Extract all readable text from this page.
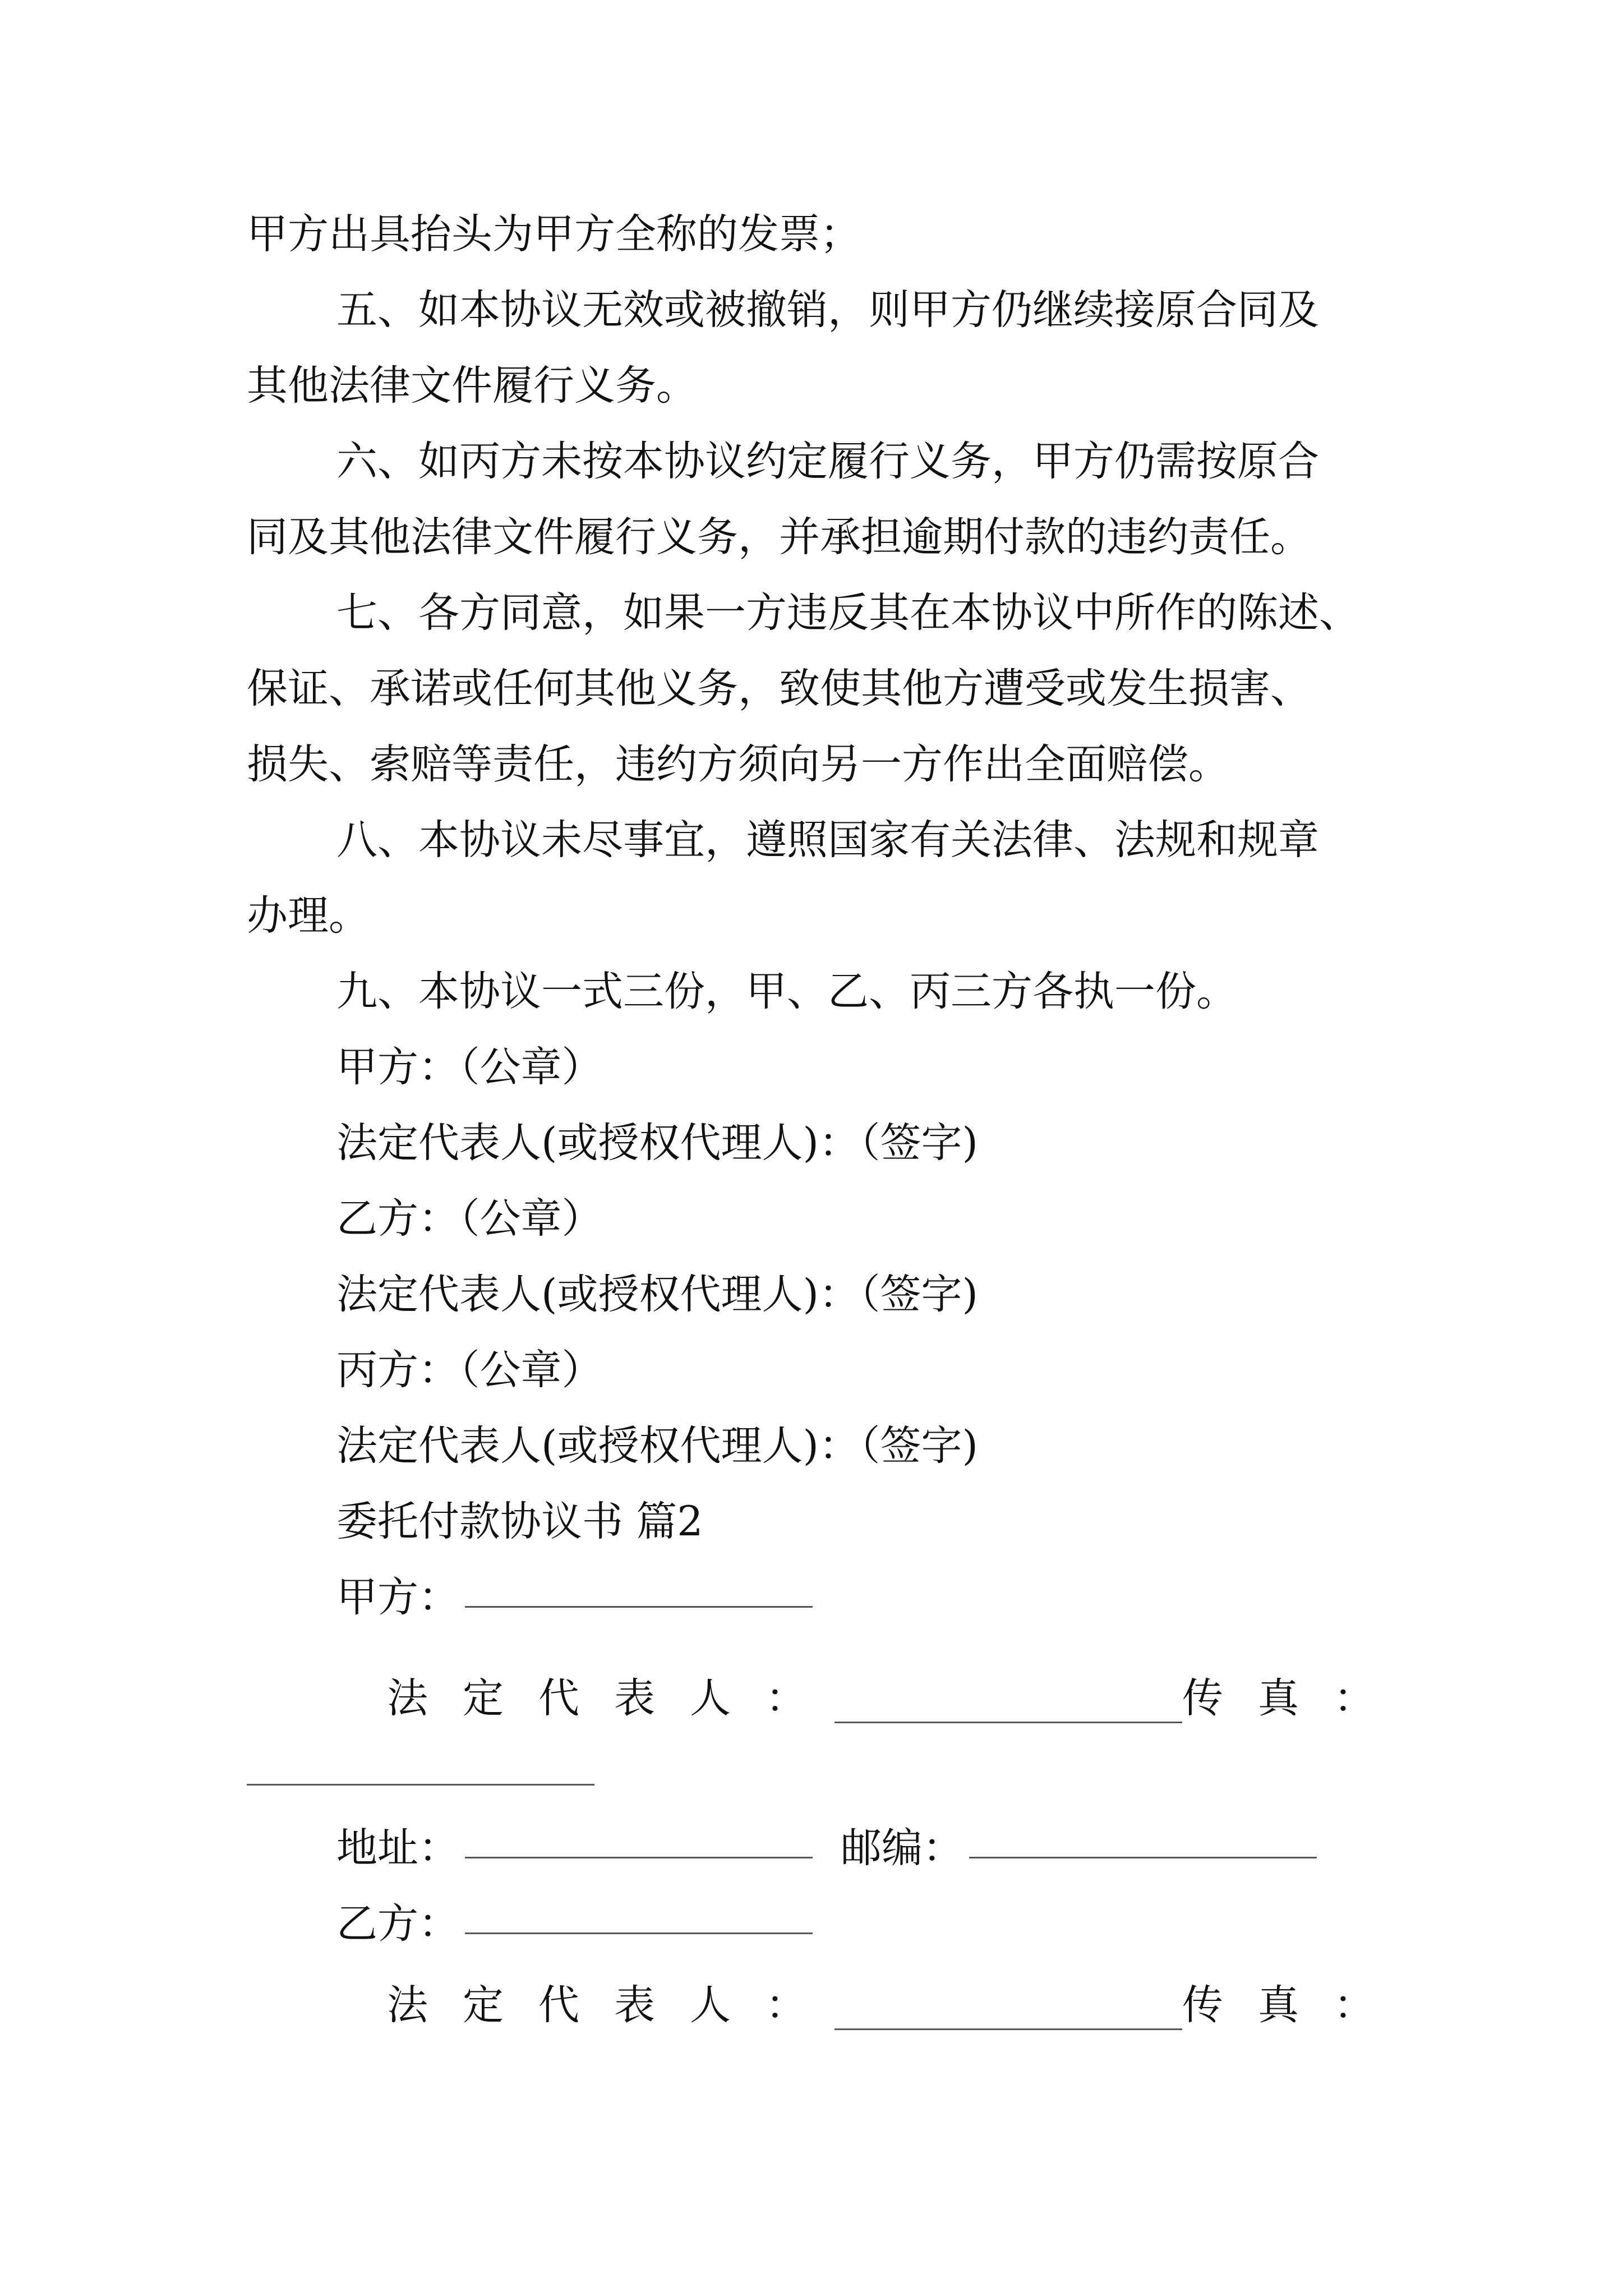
甲方出具抬头为甲方全称的发票；
五、如本协议无效或被撤销，则甲方仍继续接原合同及
其他法律文件履行义务。
六、如丙方未按本协议约定履行义务，甲方仍需按原合
同及其他法律文件履行义务，并承担逾期付款的违约责任。
七、各方同意，如果一方违反其在本协议中所作的陈述、
保证、承诺或任何其他义务，致使其他方遭受或发生损害、
损失、索赔等责任，违约方须向另一方作出全面赔偿。
八、本协议未尽事宜，遵照国家有关法律、法规和规章
办理。
九、本协议一式三份，甲、乙、丙三方各执一份。
甲方：（公章）
法定代表人(或授权代理人)：（签字)
乙方：（公章）
法定代表人(或授权代理人)：（签字)
丙方：（公章）
法定代表人(或授权代理人)：（签字)
委托付款协议书 篇2
甲方：
法 定 代 表 人 ：	传 真 ：
地址：	邮编：
乙方：
法 定 代 表 人 ：	传 真 ：
